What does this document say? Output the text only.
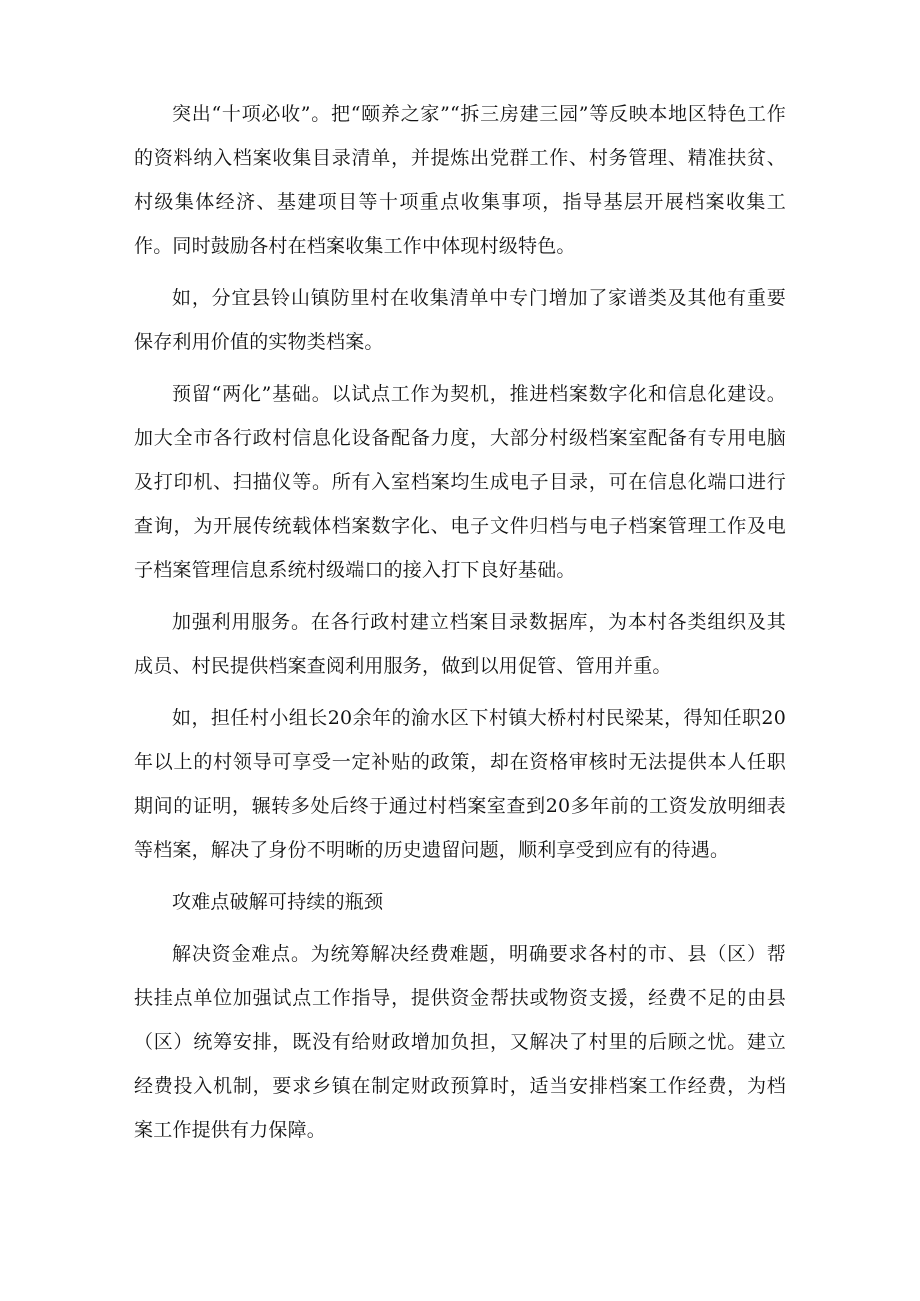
突出“十项必收”。把“颐养之家”“拆三房建三园”等反映本地区特色工作的资料纳入档案收集目录清单，并提炼出党群工作、村务管理、精准扶贫、村级集体经济、基建项目等十项重点收集事项，指导基层开展档案收集工作。同时鼓励各村在档案收集工作中体现村级特色。

如，分宜县铃山镇防里村在收集清单中专门增加了家谱类及其他有重要保存利用价值的实物类档案。

预留“两化”基础。以试点工作为契机，推进档案数字化和信息化建设。加大全市各行政村信息化设备配备力度，大部分村级档案室配备有专用电脑及打印机、扫描仪等。所有入室档案均生成电子目录，可在信息化端口进行查询，为开展传统载体档案数字化、电子文件归档与电子档案管理工作及电子档案管理信息系统村级端口的接入打下良好基础。

加强利用服务。在各行政村建立档案目录数据库，为本村各类组织及其成员、村民提供档案查阅利用服务，做到以用促管、管用并重。

如，担任村小组长20余年的渝水区下村镇大桥村村民梁某，得知任职20年以上的村领导可享受一定补贴的政策，却在资格审核时无法提供本人任职期间的证明，辗转多处后终于通过村档案室查到20多年前的工资发放明细表等档案，解决了身份不明晰的历史遗留问题，顺利享受到应有的待遇。

攻难点破解可持续的瓶颈

解决资金难点。为统筹解决经费难题，明确要求各村的市、县（区）帮扶挂点单位加强试点工作指导，提供资金帮扶或物资支援，经费不足的由县（区）统筹安排，既没有给财政增加负担，又解决了村里的后顾之忧。建立经费投入机制，要求乡镇在制定财政预算时，适当安排档案工作经费，为档案工作提供有力保障。
